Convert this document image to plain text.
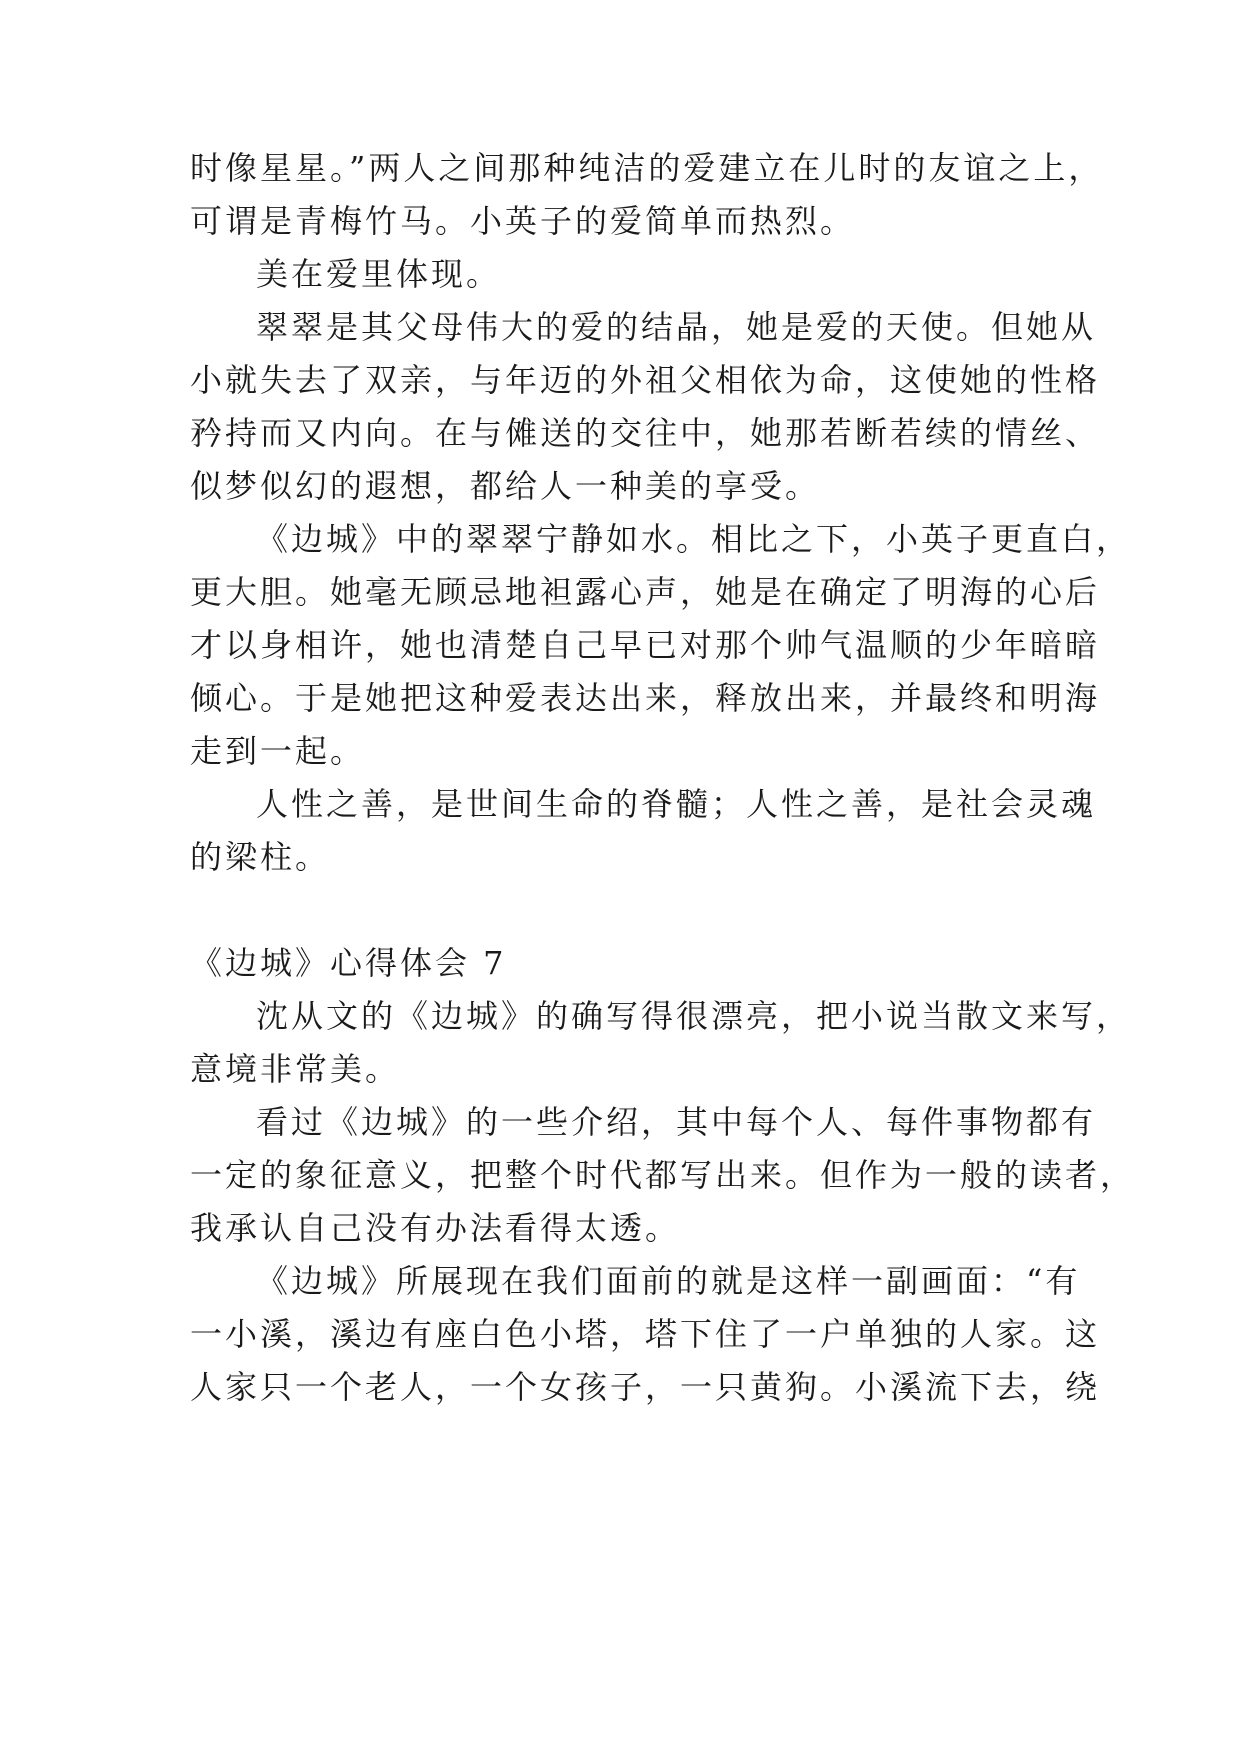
时像星星。”两人之间那种纯洁的爱建立在儿时的友谊之上，

可谓是青梅竹马。小英子的爱简单而热烈。

美在爱里体现。

翠翠是其父母伟大的爱的结晶，她是爱的天使。但她从

小就失去了双亲，与年迈的外祖父相依为命，这使她的性格

矜持而又内向。在与傩送的交往中，她那若断若续的情丝、

似梦似幻的遐想，都给人一种美的享受。

《边城》中的翠翠宁静如水。相比之下，小英子更直白，

更大胆。她毫无顾忌地袒露心声，她是在确定了明海的心后

才以身相许，她也清楚自己早已对那个帅气温顺的少年暗暗

倾心。于是她把这种爱表达出来，释放出来，并最终和明海

走到一起。

人性之善，是世间生命的脊髓；人性之善，是社会灵魂

的梁柱。

《边城》心得体会 7

沈从文的《边城》的确写得很漂亮，把小说当散文来写，

意境非常美。

看过《边城》的一些介绍，其中每个人、每件事物都有

一定的象征意义，把整个时代都写出来。但作为一般的读者，

我承认自己没有办法看得太透。

《边城》所展现在我们面前的就是这样一副画面：“有

一小溪，溪边有座白色小塔，塔下住了一户单独的人家。这

人家只一个老人，一个女孩子，一只黄狗。小溪流下去，绕
